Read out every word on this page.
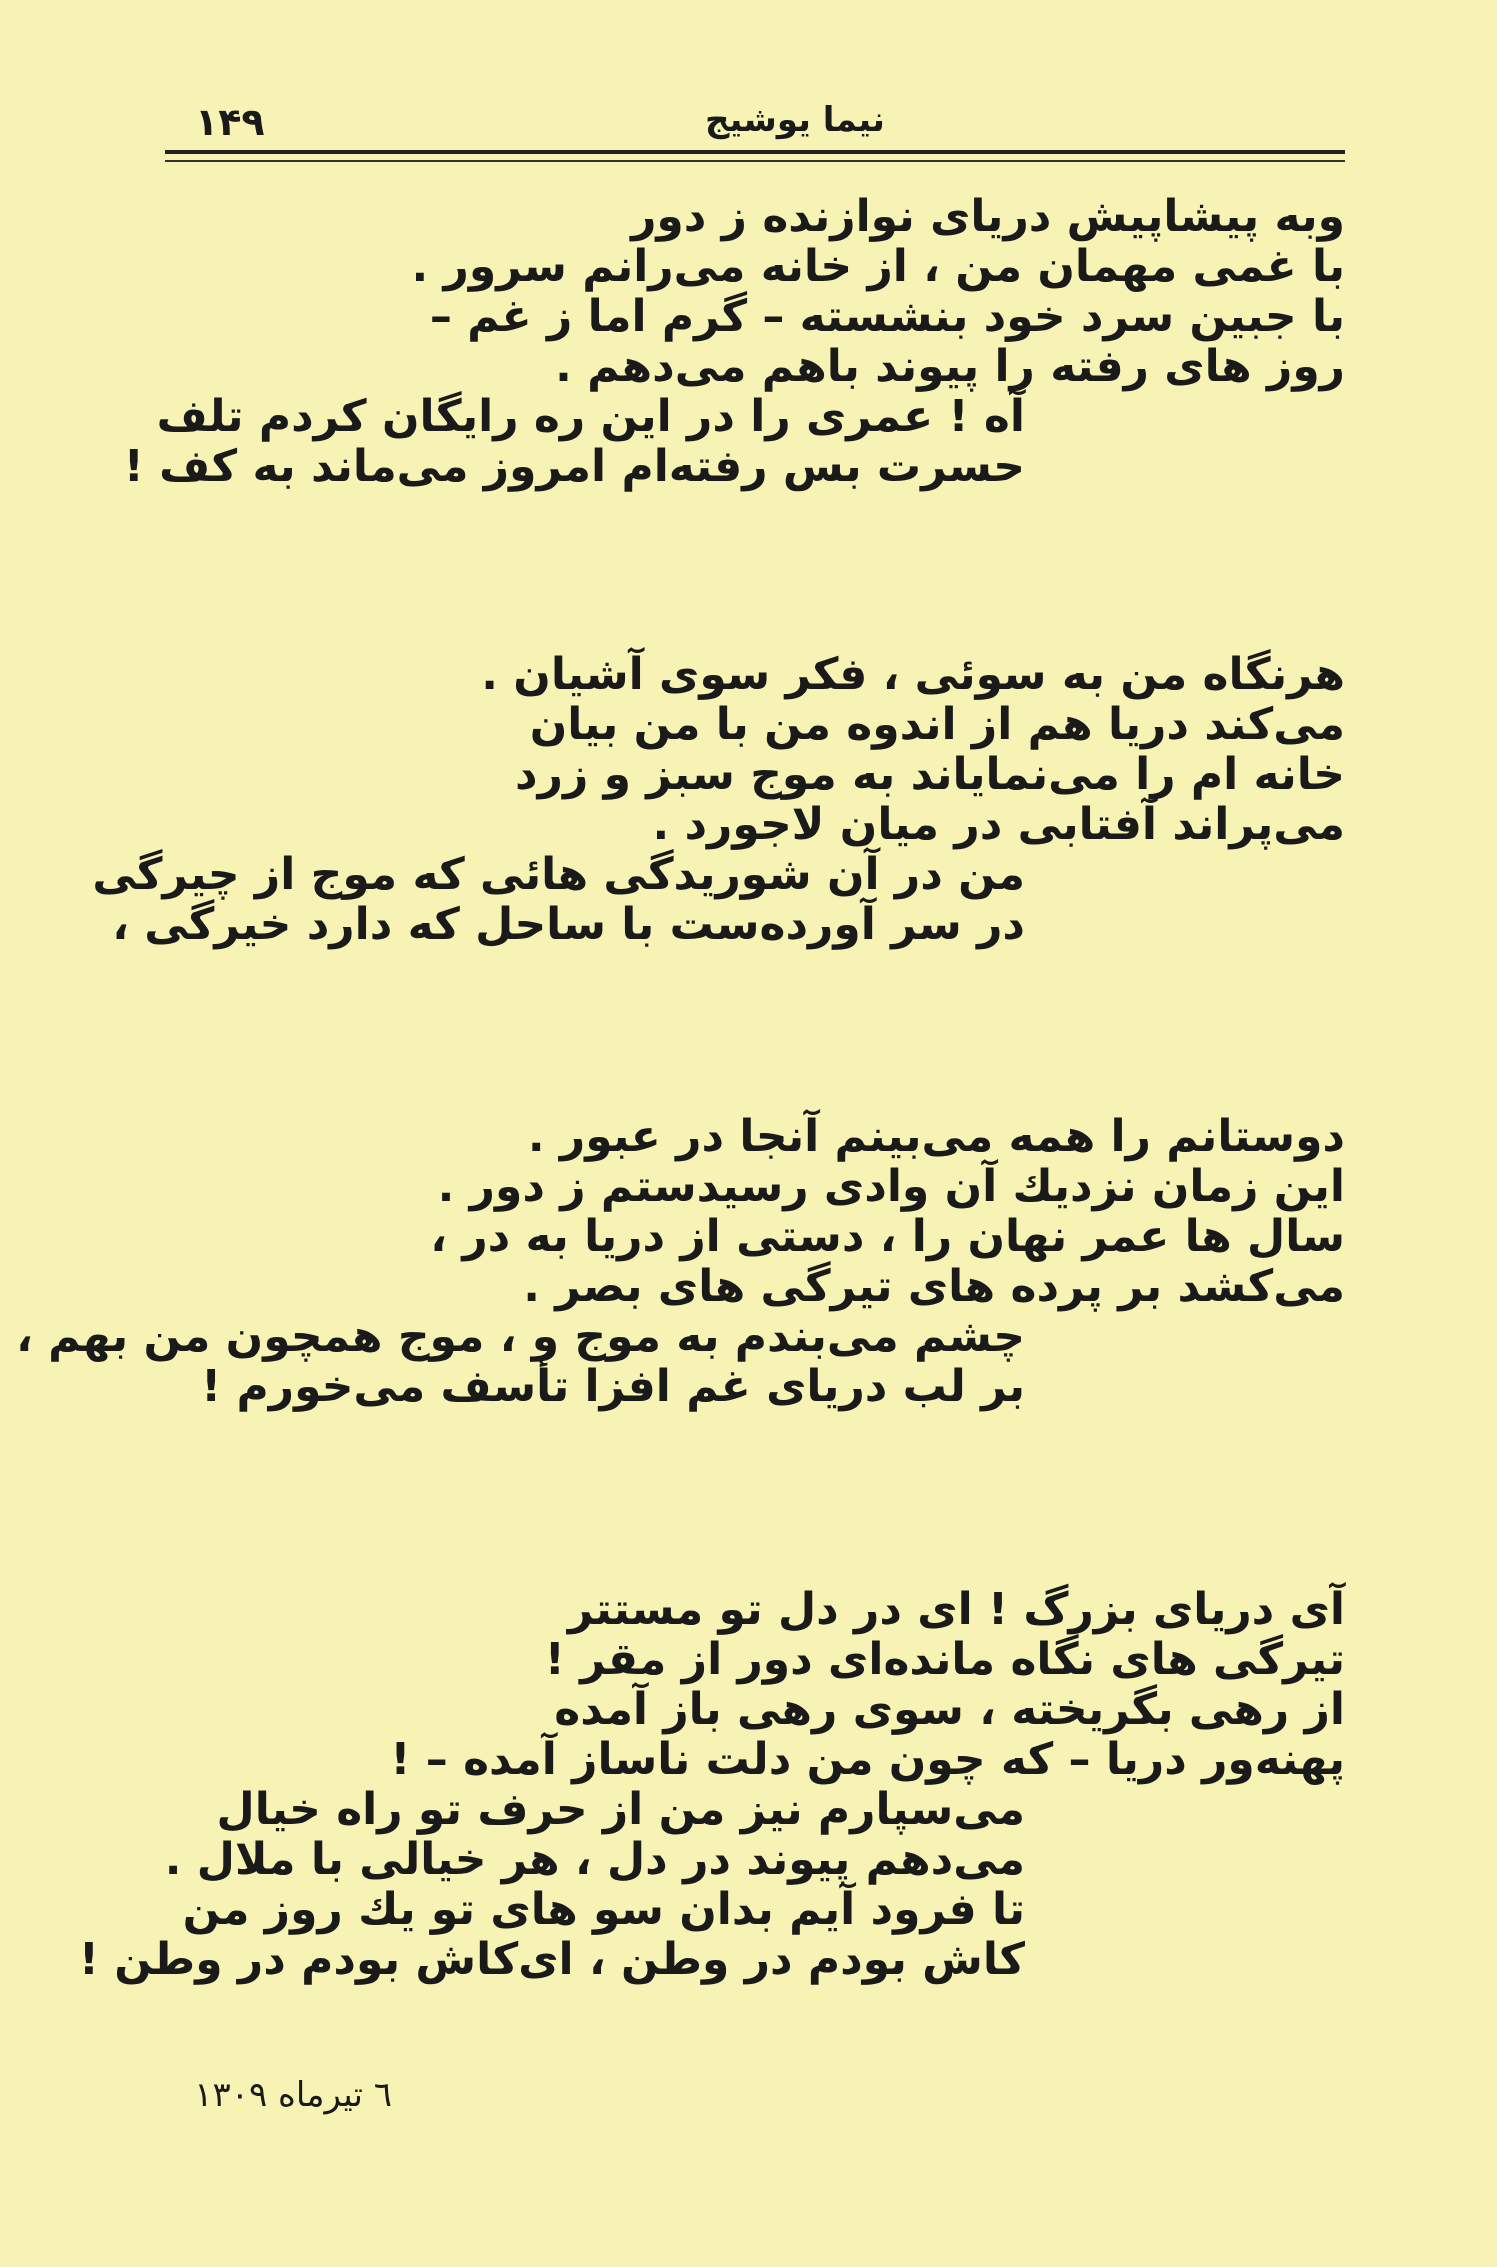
۱۴۹	نیما یوشیج
وبه پیشاپیش دریای نوازنده ز دور
با غمی مهمان من ، از خانه می‌رانم سرور .
با جبین سرد خود بنشسته – گرم اما ز غم –
روز های رفته را پیوند باهم می‌دهم .
آه ! عمری را در این ره رایگان کردم تلف
حسرت بس رفته‌ام امروز می‌ماند به کف !
هرنگاه من به سوئی ، فکر سوی آشیان .
می‌کند دریا هم از اندوه من با من بیان
خانه ام را می‌نمایاند به موج سبز و زرد
می‌پراند آفتابی در میان لاجورد .
من در آن شوریدگی هائی که موج از چیرگی
در سر آورده‌ست با ساحل که دارد خیرگی ،
دوستانم را همه می‌بینم آنجا در عبور .
این زمان نزدیك آن وادی رسیدستم ز دور .
سال ها عمر نهان را ، دستی از دریا به در ،
می‌کشد بر پرده های تیرگی های بصر .
چشم می‌بندم به موج و ، موج همچون من بهم ،
بر لب دریای غم افزا تأسف می‌خورم !
آی دریای بزرگ ! ای در دل تو مستتر
تیرگی های نگاه مانده‌ای دور از مقر !
از رهی بگریخته ، سوی رهی باز آمده
پهنه‌ور دریا – که چون من دلت ناساز آمده – !
می‌سپارم نیز من از حرف تو راه خیال
می‌دهم پیوند در دل ، هر خیالی با ملال .
تا فرود آیم بدان سو های تو یك روز من
کاش بودم در وطن ، ای‌کاش بودم در وطن !
٦ تیرماه ۱۳۰۹
